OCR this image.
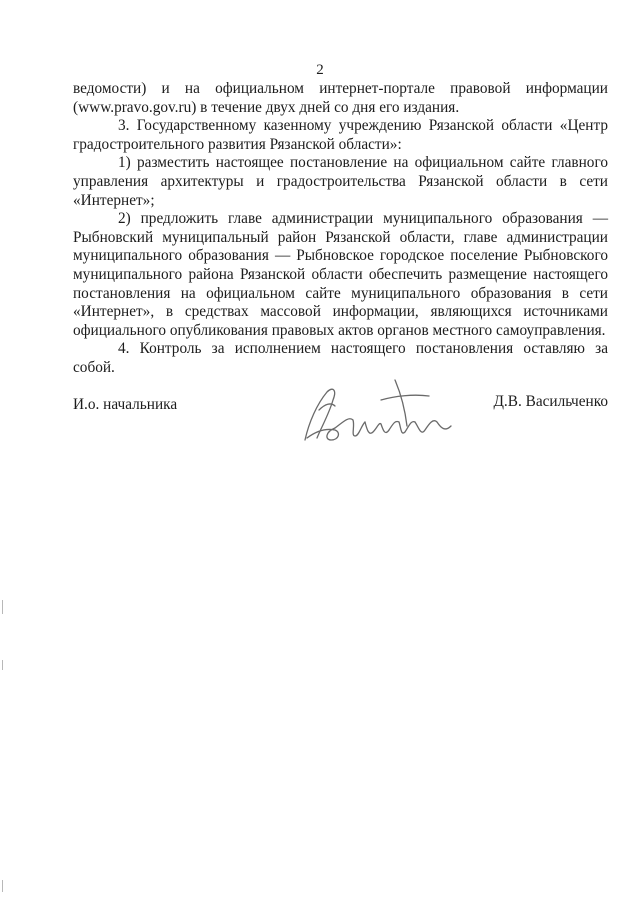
2

ведомости) и на официальном интернет-портале правовой информации (www.pravo.gov.ru) в течение двух дней со дня его издания.

3. Государственному казенному учреждению Рязанской области «Центр градостроительного развития Рязанской области»:

1) разместить настоящее постановление на официальном сайте главного управления архитектуры и градостроительства Рязанской области в сети «Интернет»;

2) предложить главе администрации муниципального образования — Рыбновский муниципальный район Рязанской области, главе администрации муниципального образования — Рыбновское городское поселение Рыбновского муниципального района Рязанской области обеспечить размещение настоящего постановления на официальном сайте муниципального образования в сети «Интернет», в средствах массовой информации, являющихся источниками официального опубликования правовых актов органов местного самоуправления.

4. Контроль за исполнением настоящего постановления оставляю за собой.

И.о. начальника	Д.В. Васильченко
